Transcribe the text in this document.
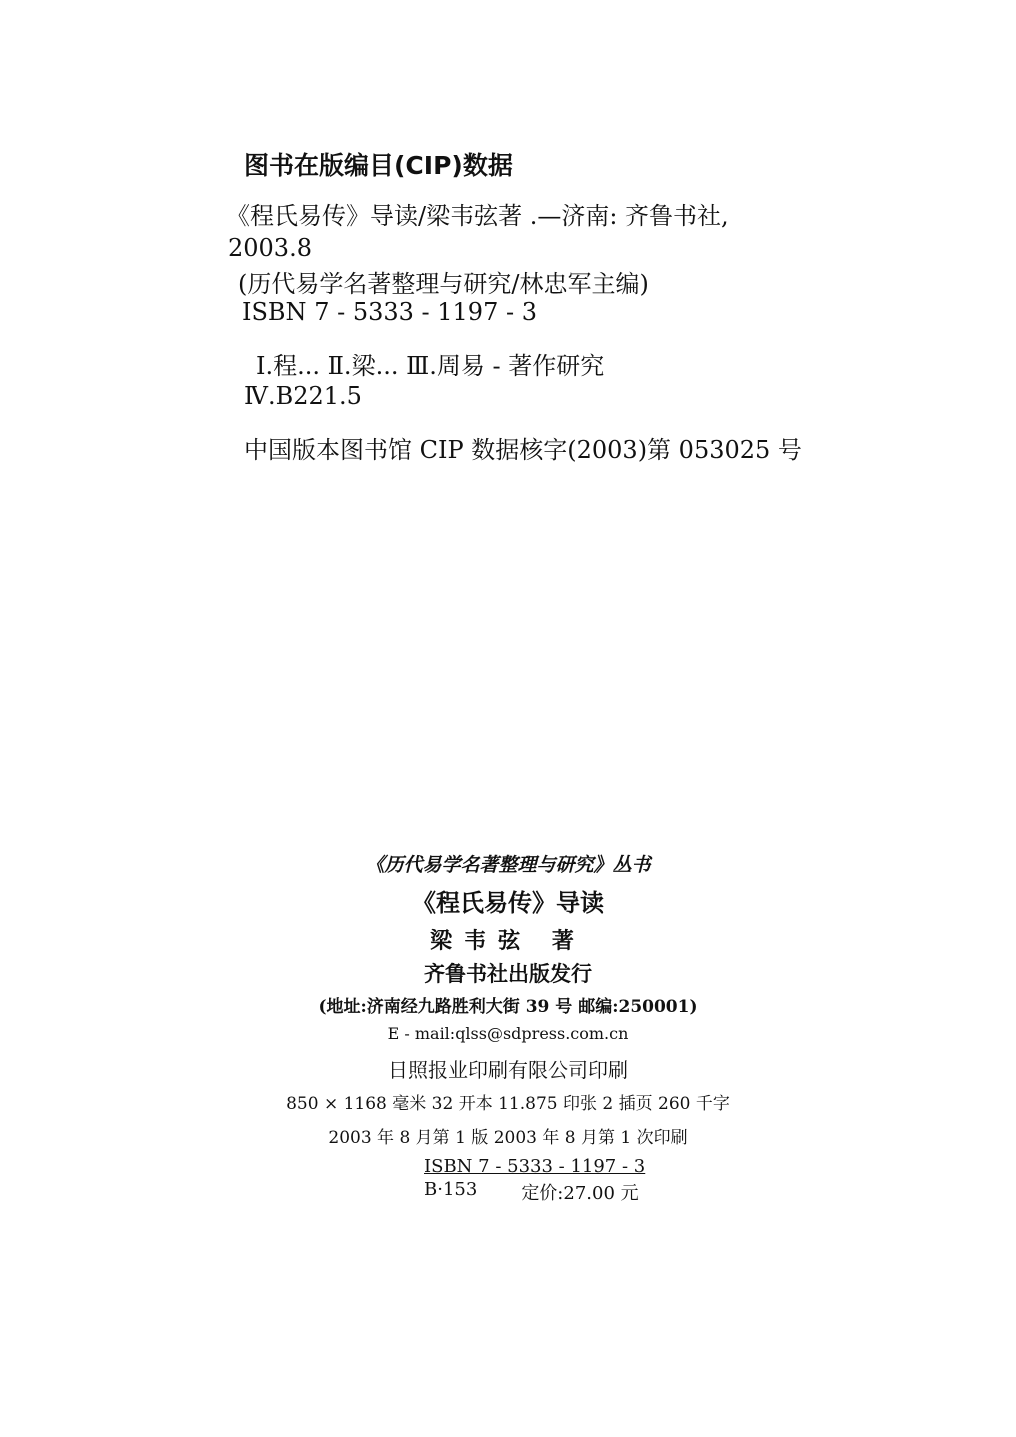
图书在版编目(CIP)数据
《程氏易传》导读/梁韦弦著 .—济南: 齐鲁书社,
2003.8
(历代易学名著整理与研究/林忠军主编)
ISBN 7 - 5333 - 1197 - 3
Ⅰ.程... Ⅱ.梁... Ⅲ.周易 - 著作研究
Ⅳ.B221.5
中国版本图书馆 CIP 数据核字(2003)第 053025 号
《历代易学名著整理与研究》丛书
《程氏易传》导读
梁韦弦 著
齐鲁书社出版发行
(地址:济南经九路胜利大街 39 号 邮编:250001)
E - mail:qlss@sdpress.com.cn
日照报业印刷有限公司印刷
850 × 1168 毫米 32 开本 11.875 印张 2 插页 260 千字
2003 年 8 月第 1 版 2003 年 8 月第 1 次印刷
ISBN 7 - 5333 - 1197 - 3
B·153 定价:27.00 元
